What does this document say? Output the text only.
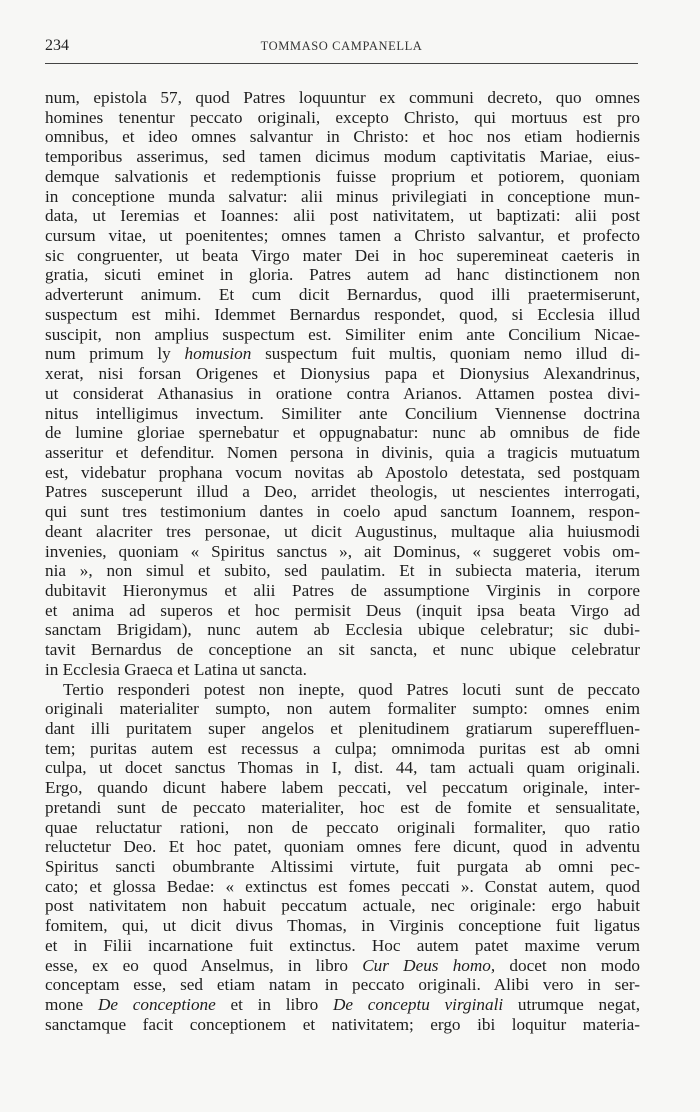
234	TOMMASO CAMPANELLA
num, epistola 57, quod Patres loquuntur ex communi decreto, quo omnes
homines tenentur peccato originali, excepto Christo, qui mortuus est pro
omnibus, et ideo omnes salvantur in Christo: et hoc nos etiam hodiernis
temporibus asserimus, sed tamen dicimus modum captivitatis Mariae, eius-
demque salvationis et redemptionis fuisse proprium et potiorem, quoniam
in conceptione munda salvatur: alii minus privilegiati in conceptione mun-
data, ut Ieremias et Ioannes: alii post nativitatem, ut baptizati: alii post
cursum vitae, ut poenitentes; omnes tamen a Christo salvantur, et profecto
sic congruenter, ut beata Virgo mater Dei in hoc superemineat caeteris in
gratia, sicuti eminet in gloria. Patres autem ad hanc distinctionem non
adverterunt animum. Et cum dicit Bernardus, quod illi praetermiserunt,
suspectum est mihi. Idemmet Bernardus respondet, quod, si Ecclesia illud
suscipit, non amplius suspectum est. Similiter enim ante Concilium Nicae-
num primum ly homusion suspectum fuit multis, quoniam nemo illud di-
xerat, nisi forsan Origenes et Dionysius papa et Dionysius Alexandrinus,
ut considerat Athanasius in oratione contra Arianos. Attamen postea divi-
nitus intelligimus invectum. Similiter ante Concilium Viennense doctrina
de lumine gloriae spernebatur et oppugnabatur: nunc ab omnibus de fide
asseritur et defenditur. Nomen persona in divinis, quia a tragicis mutuatum
est, videbatur prophana vocum novitas ab Apostolo detestata, sed postquam
Patres susceperunt illud a Deo, arridet theologis, ut nescientes interrogati,
qui sunt tres testimonium dantes in coelo apud sanctum Ioannem, respon-
deant alacriter tres personae, ut dicit Augustinus, multaque alia huiusmodi
invenies, quoniam « Spiritus sanctus », ait Dominus, « suggeret vobis om-
nia », non simul et subito, sed paulatim. Et in subiecta materia, iterum
dubitavit Hieronymus et alii Patres de assumptione Virginis in corpore
et anima ad superos et hoc permisit Deus (inquit ipsa beata Virgo ad
sanctam Brigidam), nunc autem ab Ecclesia ubique celebratur; sic dubi-
tavit Bernardus de conceptione an sit sancta, et nunc ubique celebratur
in Ecclesia Graeca et Latina ut sancta.
Tertio responderi potest non inepte, quod Patres locuti sunt de peccato
originali materialiter sumpto, non autem formaliter sumpto: omnes enim
dant illi puritatem super angelos et plenitudinem gratiarum supereffluen-
tem; puritas autem est recessus a culpa; omnimoda puritas est ab omni
culpa, ut docet sanctus Thomas in I, dist. 44, tam actuali quam originali.
Ergo, quando dicunt habere labem peccati, vel peccatum originale, inter-
pretandi sunt de peccato materialiter, hoc est de fomite et sensualitate,
quae reluctatur rationi, non de peccato originali formaliter, quo ratio
reluctetur Deo. Et hoc patet, quoniam omnes fere dicunt, quod in adventu
Spiritus sancti obumbrante Altissimi virtute, fuit purgata ab omni pec-
cato; et glossa Bedae: « extinctus est fomes peccati ». Constat autem, quod
post nativitatem non habuit peccatum actuale, nec originale: ergo habuit
fomitem, qui, ut dicit divus Thomas, in Virginis conceptione fuit ligatus
et in Filii incarnatione fuit extinctus. Hoc autem patet maxime verum
esse, ex eo quod Anselmus, in libro Cur Deus homo, docet non modo
conceptam esse, sed etiam natam in peccato originali. Alibi vero in ser-
mone De conceptione et in libro De conceptu virginali utrumque negat,
sanctamque facit conceptionem et nativitatem; ergo ibi loquitur materia-
